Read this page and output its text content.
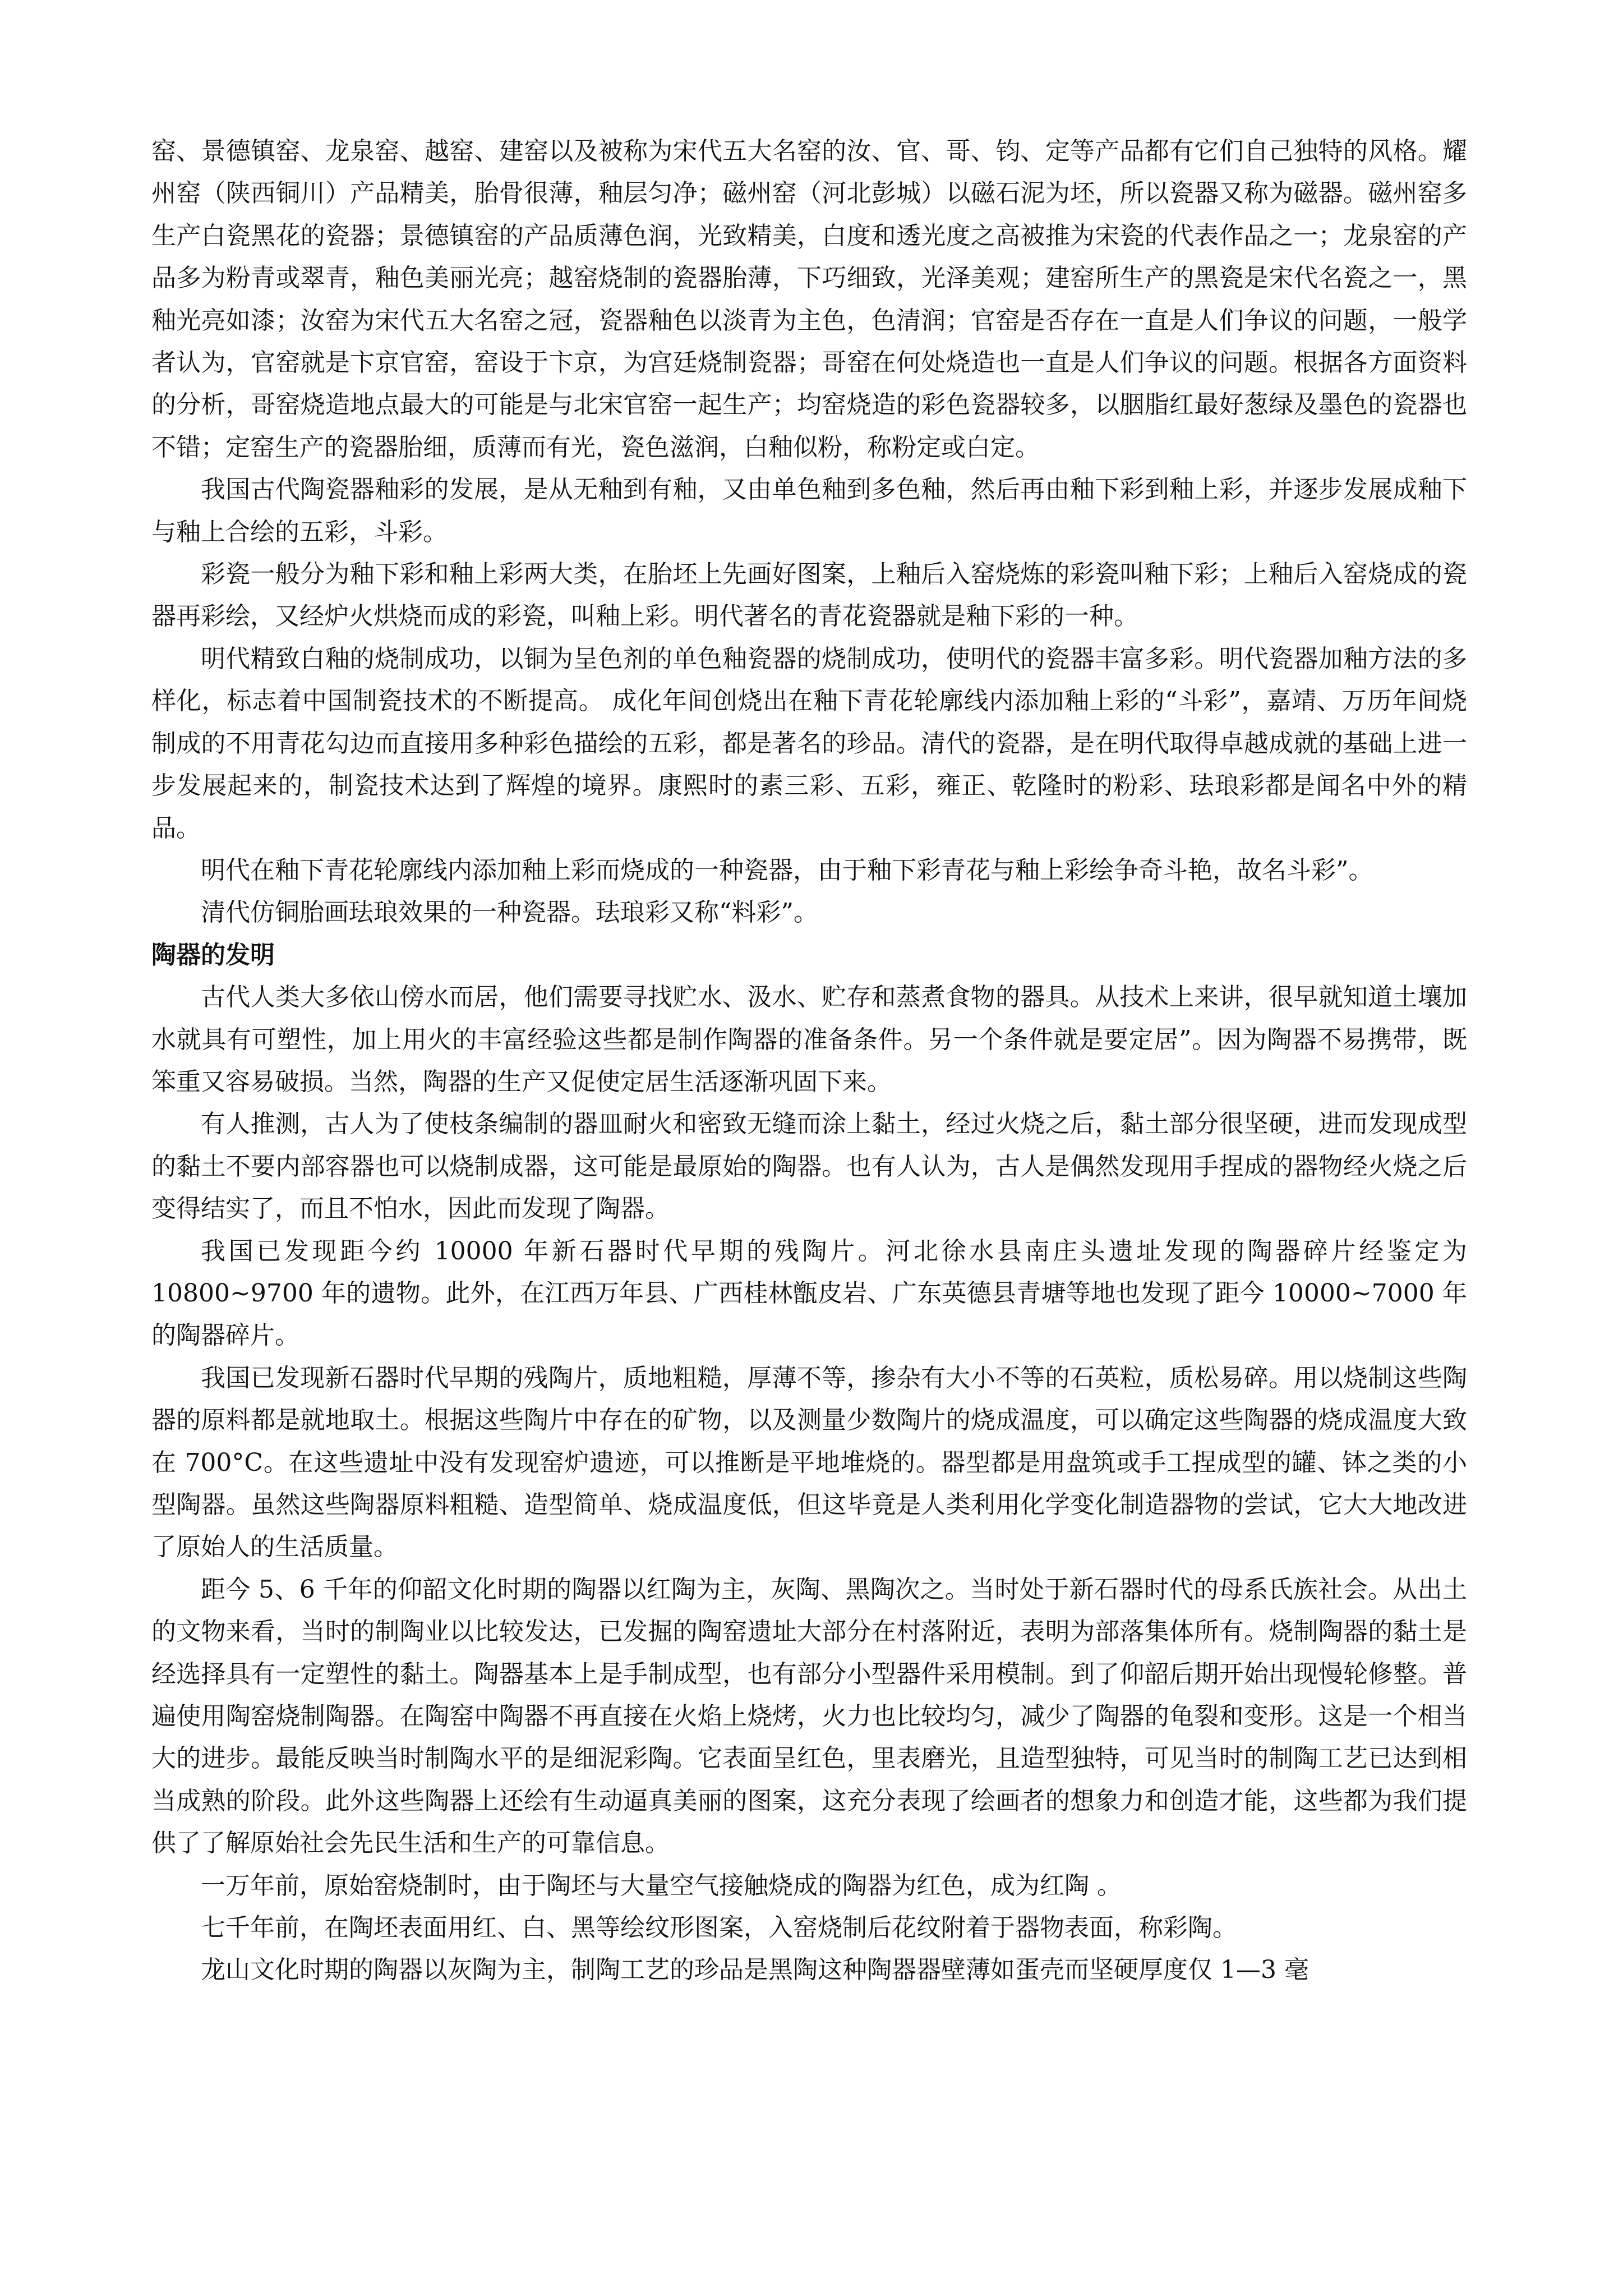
窑、景德镇窑、龙泉窑、越窑、建窑以及被称为宋代五大名窑的汝、官、哥、钧、定等产品都有它们自己独特的风格。耀州窑（陕西铜川）产品精美，胎骨很薄，釉层匀净；磁州窑（河北彭城）以磁石泥为坯，所以瓷器又称为磁器。磁州窑多生产白瓷黑花的瓷器；景德镇窑的产品质薄色润，光致精美，白度和透光度之高被推为宋瓷的代表作品之一；龙泉窑的产品多为粉青或翠青，釉色美丽光亮；越窑烧制的瓷器胎薄，下巧细致，光泽美观；建窑所生产的黑瓷是宋代名瓷之一，黑釉光亮如漆；汝窑为宋代五大名窑之冠，瓷器釉色以淡青为主色，色清润；官窑是否存在一直是人们争议的问题，一般学者认为，官窑就是卞京官窑，窑设于卞京，为宫廷烧制瓷器；哥窑在何处烧造也一直是人们争议的问题。根据各方面资料的分析，哥窑烧造地点最大的可能是与北宋官窑一起生产；均窑烧造的彩色瓷器较多，以胭脂红最好葱绿及墨色的瓷器也不错；定窑生产的瓷器胎细，质薄而有光，瓷色滋润，白釉似粉，称粉定或白定。

我国古代陶瓷器釉彩的发展，是从无釉到有釉，又由单色釉到多色釉，然后再由釉下彩到釉上彩，并逐步发展成釉下与釉上合绘的五彩，斗彩。

彩瓷一般分为釉下彩和釉上彩两大类，在胎坯上先画好图案，上釉后入窑烧炼的彩瓷叫釉下彩；上釉后入窑烧成的瓷器再彩绘，又经炉火烘烧而成的彩瓷，叫釉上彩。明代著名的青花瓷器就是釉下彩的一种。

明代精致白釉的烧制成功，以铜为呈色剂的单色釉瓷器的烧制成功，使明代的瓷器丰富多彩。明代瓷器加釉方法的多样化，标志着中国制瓷技术的不断提高。 成化年间创烧出在釉下青花轮廓线内添加釉上彩的“斗彩”，嘉靖、万历年间烧制成的不用青花勾边而直接用多种彩色描绘的五彩，都是著名的珍品。清代的瓷器，是在明代取得卓越成就的基础上进一步发展起来的，制瓷技术达到了辉煌的境界。康熙时的素三彩、五彩，雍正、乾隆时的粉彩、珐琅彩都是闻名中外的精品。

明代在釉下青花轮廓线内添加釉上彩而烧成的一种瓷器，由于釉下彩青花与釉上彩绘争奇斗艳，故名斗彩”。

清代仿铜胎画珐琅效果的一种瓷器。珐琅彩又称“料彩”。

陶器的发明

古代人类大多依山傍水而居，他们需要寻找贮水、汲水、贮存和蒸煮食物的器具。从技术上来讲，很早就知道土壤加水就具有可塑性，加上用火的丰富经验这些都是制作陶器的准备条件。另一个条件就是要定居”。因为陶器不易携带，既笨重又容易破损。当然，陶器的生产又促使定居生活逐渐巩固下来。

有人推测，古人为了使枝条编制的器皿耐火和密致无缝而涂上黏土，经过火烧之后，黏土部分很坚硬，进而发现成型的黏土不要内部容器也可以烧制成器，这可能是最原始的陶器。也有人认为，古人是偶然发现用手捏成的器物经火烧之后变得结实了，而且不怕水，因此而发现了陶器。

我国已发现距今约 10000 年新石器时代早期的残陶片。河北徐水县南庄头遗址发现的陶器碎片经鉴定为 10800~9700 年的遗物。此外，在江西万年县、广西桂林甑皮岩、广东英德县青塘等地也发现了距今 10000~7000 年的陶器碎片。

我国已发现新石器时代早期的残陶片，质地粗糙，厚薄不等，掺杂有大小不等的石英粒，质松易碎。用以烧制这些陶器的原料都是就地取土。根据这些陶片中存在的矿物，以及测量少数陶片的烧成温度，可以确定这些陶器的烧成温度大致在 700°C。在这些遗址中没有发现窑炉遗迹，可以推断是平地堆烧的。器型都是用盘筑或手工捏成型的罐、钵之类的小型陶器。虽然这些陶器原料粗糙、造型简单、烧成温度低，但这毕竟是人类利用化学变化制造器物的尝试，它大大地改进了原始人的生活质量。

距今 5、6 千年的仰韶文化时期的陶器以红陶为主，灰陶、黑陶次之。当时处于新石器时代的母系氏族社会。从出土的文物来看，当时的制陶业以比较发达，已发掘的陶窑遗址大部分在村落附近，表明为部落集体所有。烧制陶器的黏土是经选择具有一定塑性的黏土。陶器基本上是手制成型，也有部分小型器件采用模制。到了仰韶后期开始出现慢轮修整。普遍使用陶窑烧制陶器。在陶窑中陶器不再直接在火焰上烧烤，火力也比较均匀，减少了陶器的龟裂和变形。这是一个相当大的进步。最能反映当时制陶水平的是细泥彩陶。它表面呈红色，里表磨光，且造型独特，可见当时的制陶工艺已达到相当成熟的阶段。此外这些陶器上还绘有生动逼真美丽的图案，这充分表现了绘画者的想象力和创造才能，这些都为我们提供了了解原始社会先民生活和生产的可靠信息。

一万年前，原始窑烧制时，由于陶坯与大量空气接触烧成的陶器为红色，成为红陶 。

七千年前，在陶坯表面用红、白、黑等绘纹形图案，入窑烧制后花纹附着于器物表面，称彩陶。

龙山文化时期的陶器以灰陶为主，制陶工艺的珍品是黑陶这种陶器器壁薄如蛋壳而坚硬厚度仅 1—3 毫
